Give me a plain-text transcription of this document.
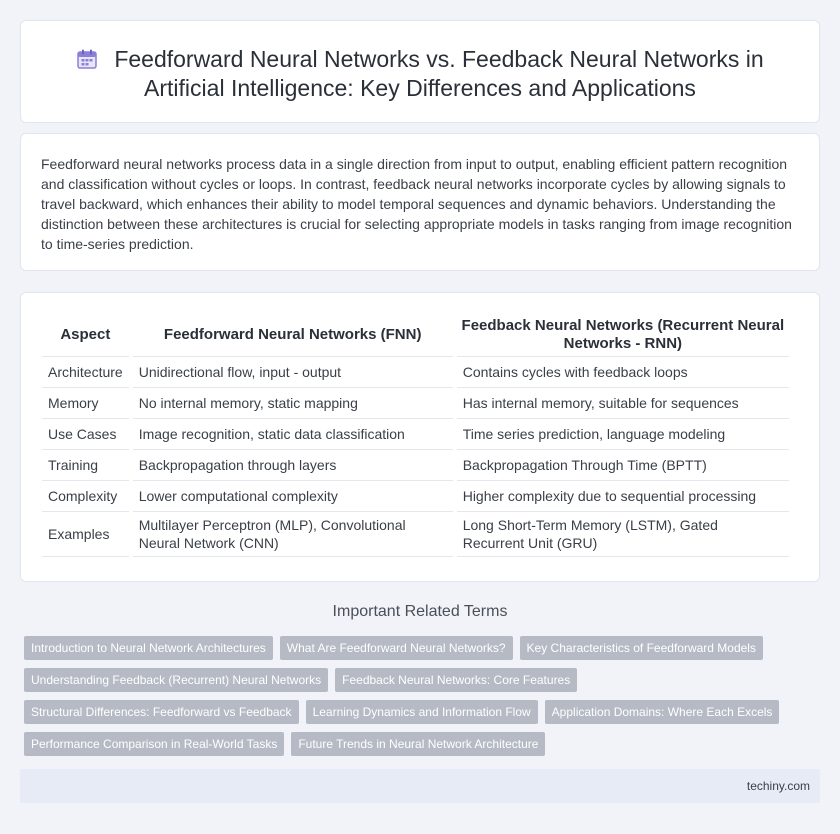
Feedforward Neural Networks vs. Feedback Neural Networks in
Artificial Intelligence: Key Differences and Applications

Feedforward neural networks process data in a single direction from input to output, enabling efficient pattern recognition and classification without cycles or loops. In contrast, feedback neural networks incorporate cycles by allowing signals to travel backward, which enhances their ability to model temporal sequences and dynamic behaviors. Understanding the distinction between these architectures is crucial for selecting appropriate models in tasks ranging from image recognition to time-series prediction.

Aspect	Feedforward Neural Networks (FNN)	Feedback Neural Networks (Recurrent Neural Networks - RNN)
Architecture	Unidirectional flow, input - output	Contains cycles with feedback loops
Memory	No internal memory, static mapping	Has internal memory, suitable for sequences
Use Cases	Image recognition, static data classification	Time series prediction, language modeling
Training	Backpropagation through layers	Backpropagation Through Time (BPTT)
Complexity	Lower computational complexity	Higher complexity due to sequential processing
Examples	Multilayer Perceptron (MLP), Convolutional Neural Network (CNN)	Long Short-Term Memory (LSTM), Gated Recurrent Unit (GRU)
Important Related Terms
Introduction to Neural Network Architectures	What Are Feedforward Neural Networks?	Key Characteristics of Feedforward Models
Understanding Feedback (Recurrent) Neural Networks	Feedback Neural Networks: Core Features
Structural Differences: Feedforward vs Feedback	Learning Dynamics and Information Flow	Application Domains: Where Each Excels
Performance Comparison in Real-World Tasks	Future Trends in Neural Network Architecture
techiny.com
